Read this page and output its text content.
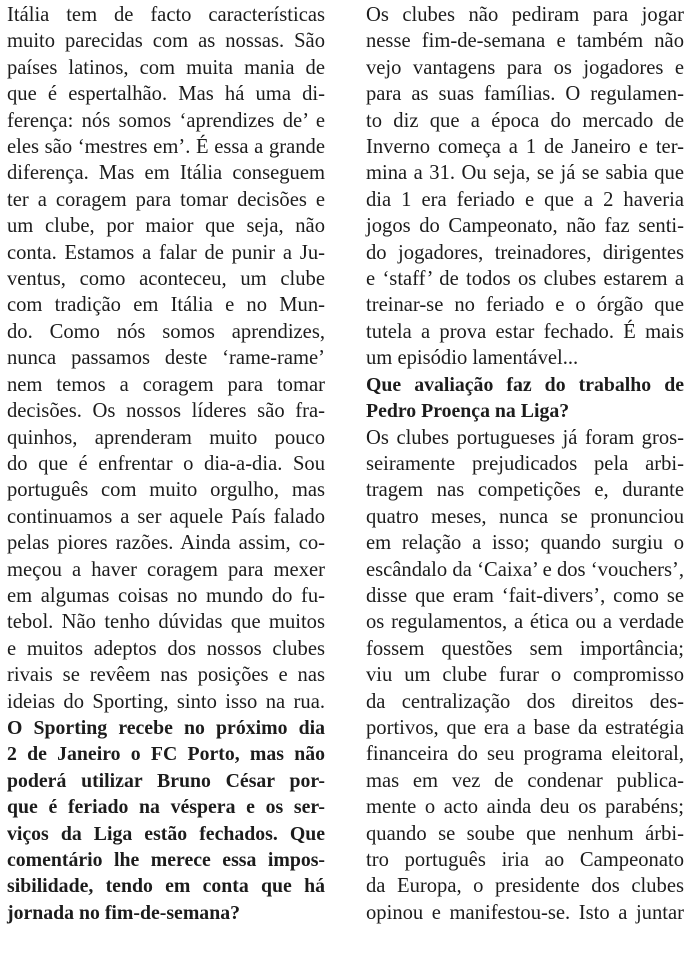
Itália tem de facto características
muito parecidas com as nossas. São
países latinos, com muita mania de
que é espertalhão. Mas há uma di-
ferença: nós somos ‘aprendizes de’ e
eles são ‘mestres em’. É essa a grande
diferença. Mas em Itália conseguem
ter a coragem para tomar decisões e
um clube, por maior que seja, não
conta. Estamos a falar de punir a Ju-
ventus, como aconteceu, um clube
com tradição em Itália e no Mun-
do. Como nós somos aprendizes,
nunca passamos deste ‘rame-rame’
nem temos a coragem para tomar
decisões. Os nossos líderes são fra-
quinhos, aprenderam muito pouco
do que é enfrentar o dia-a-dia. Sou
português com muito orgulho, mas
continuamos a ser aquele País falado
pelas piores razões. Ainda assim, co-
meçou a haver coragem para mexer
em algumas coisas no mundo do fu-
tebol. Não tenho dúvidas que muitos
e muitos adeptos dos nossos clubes
rivais se revêem nas posições e nas
ideias do Sporting, sinto isso na rua.

O Sporting recebe no próximo dia
2 de Janeiro o FC Porto, mas não
poderá utilizar Bruno César por-
que é feriado na véspera e os ser-
viços da Liga estão fechados. Que
comentário lhe merece essa impos-
sibilidade, tendo em conta que há
jornada no fim-de-semana?

Os clubes não pediram para jogar
nesse fim-de-semana e também não
vejo vantagens para os jogadores e
para as suas famílias. O regulamen-
to diz que a época do mercado de
Inverno começa a 1 de Janeiro e ter-
mina a 31. Ou seja, se já se sabia que
dia 1 era feriado e que a 2 haveria
jogos do Campeonato, não faz senti-
do jogadores, treinadores, dirigentes
e ‘staff’ de todos os clubes estarem a
treinar-se no feriado e o órgão que
tutela a prova estar fechado. É mais
um episódio lamentável...

Que avaliação faz do trabalho de
Pedro Proença na Liga?

Os clubes portugueses já foram gros-
seiramente prejudicados pela arbi-
tragem nas competições e, durante
quatro meses, nunca se pronunciou
em relação a isso; quando surgiu o
escândalo da ‘Caixa’ e dos ‘vouchers’,
disse que eram ‘fait-divers’, como se
os regulamentos, a ética ou a verdade
fossem questões sem importância;
viu um clube furar o compromisso
da centralização dos direitos des-
portivos, que era a base da estratégia
financeira do seu programa eleitoral,
mas em vez de condenar publica-
mente o acto ainda deu os parabéns;
quando se soube que nenhum árbi-
tro português iria ao Campeonato
da Europa, o presidente dos clubes
opinou e manifestou-se. Isto a juntar
